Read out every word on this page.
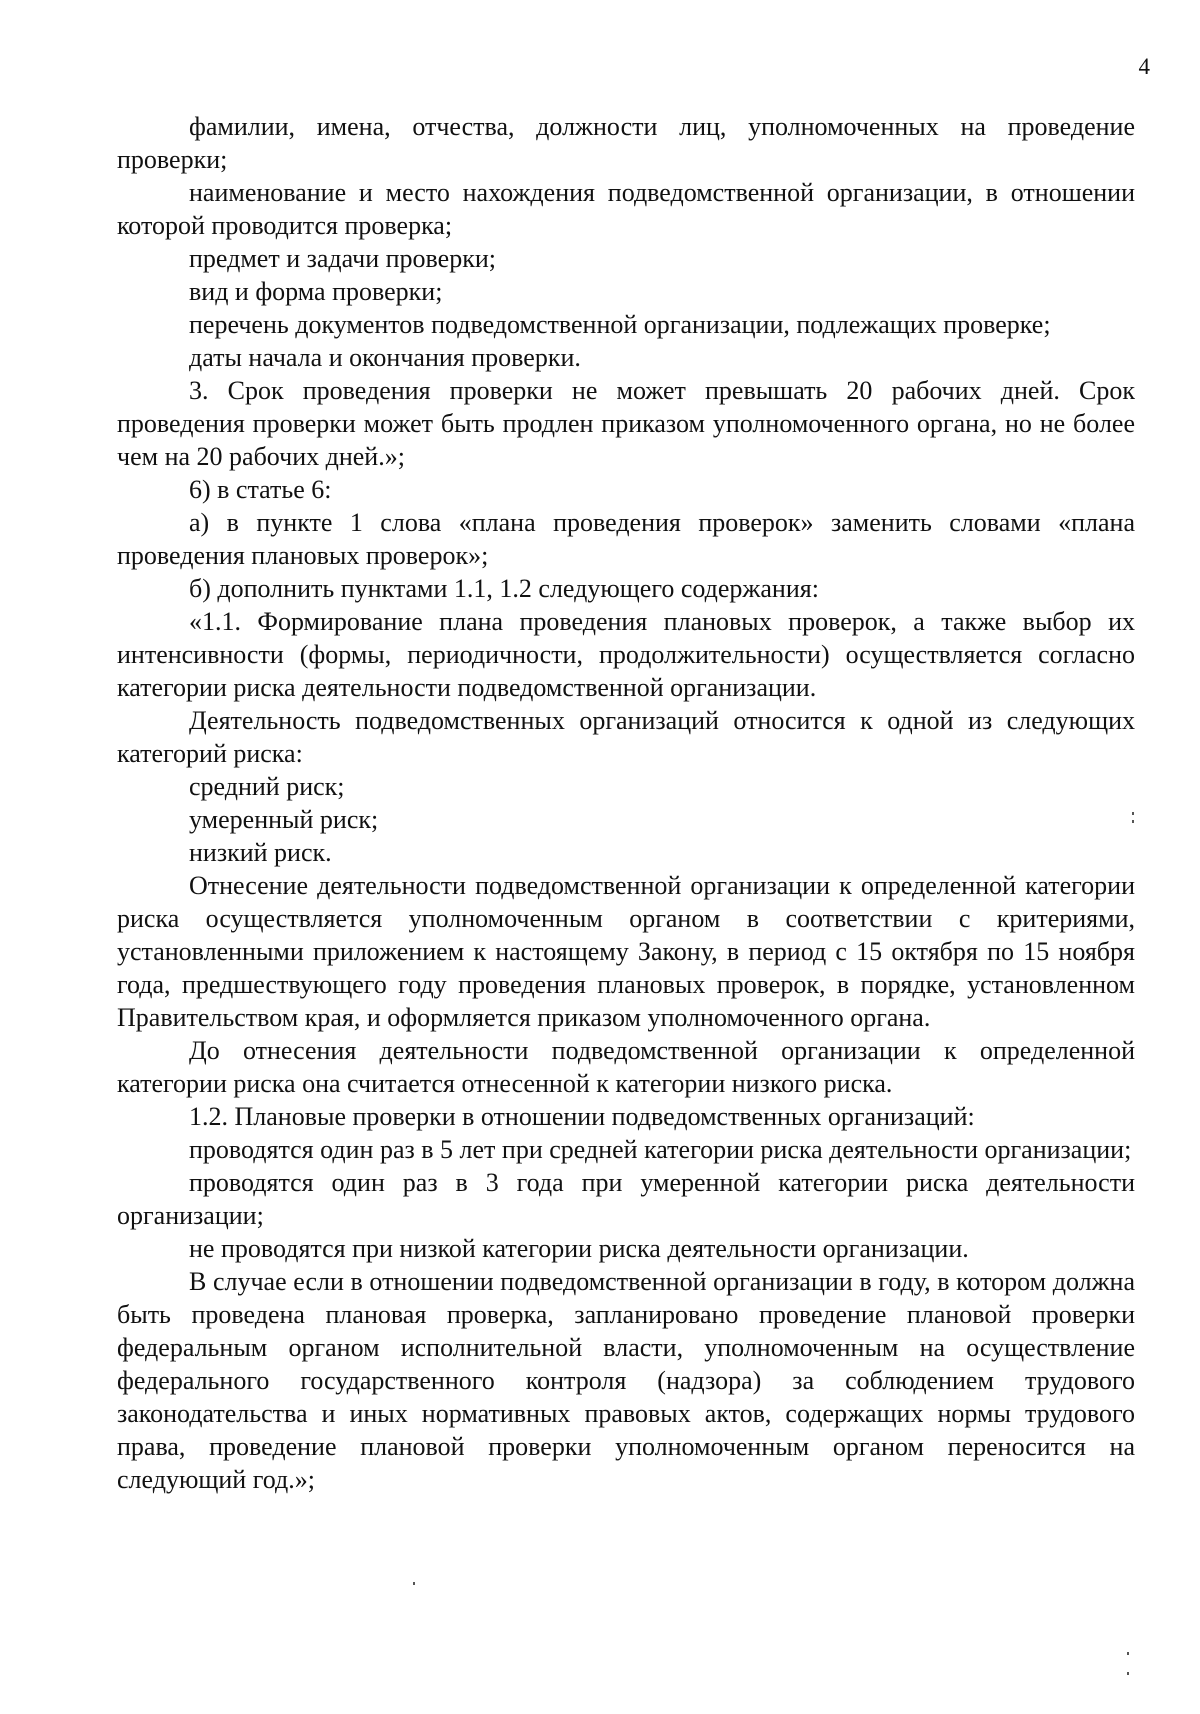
4

фамилии, имена, отчества, должности лиц, уполномоченных на проведение проверки;

наименование и место нахождения подведомственной организации, в отношении которой проводится проверка;

предмет и задачи проверки;

вид и форма проверки;

перечень документов подведомственной организации, подлежащих проверке;

даты начала и окончания проверки.

3. Срок проведения проверки не может превышать 20 рабочих дней. Срок проведения проверки может быть продлен приказом уполномоченного органа, но не более чем на 20 рабочих дней.»;

6) в статье 6:

а) в пункте 1 слова «плана проведения проверок» заменить словами «плана проведения плановых проверок»;

б) дополнить пунктами 1.1, 1.2 следующего содержания:

«1.1. Формирование плана проведения плановых проверок, а также выбор их интенсивности (формы, периодичности, продолжительности) осуществляется согласно категории риска деятельности подведомственной организации.

Деятельность подведомственных организаций относится к одной из следующих категорий риска:

средний риск;

умеренный риск;

низкий риск.

Отнесение деятельности подведомственной организации к определенной категории риска осуществляется уполномоченным органом в соответствии с критериями, установленными приложением к настоящему Закону, в период с 15 октября по 15 ноября года, предшествующего году проведения плановых проверок, в порядке, установленном Правительством края, и оформляется приказом уполномоченного органа.

До отнесения деятельности подведомственной организации к определенной категории риска она считается отнесенной к категории низкого риска.

1.2. Плановые проверки в отношении подведомственных организаций:

проводятся один раз в 5 лет при средней категории риска деятельности организации;

проводятся один раз в 3 года при умеренной категории риска деятельности организации;

не проводятся при низкой категории риска деятельности организации.

В случае если в отношении подведомственной организации в году, в котором должна быть проведена плановая проверка, запланировано проведение плановой проверки федеральным органом исполнительной власти, уполномоченным на осуществление федерального государственного контроля (надзора) за соблюдением трудового законодательства и иных нормативных правовых актов, содержащих нормы трудового права, проведение плановой проверки уполномоченным органом переносится на следующий год.»;
